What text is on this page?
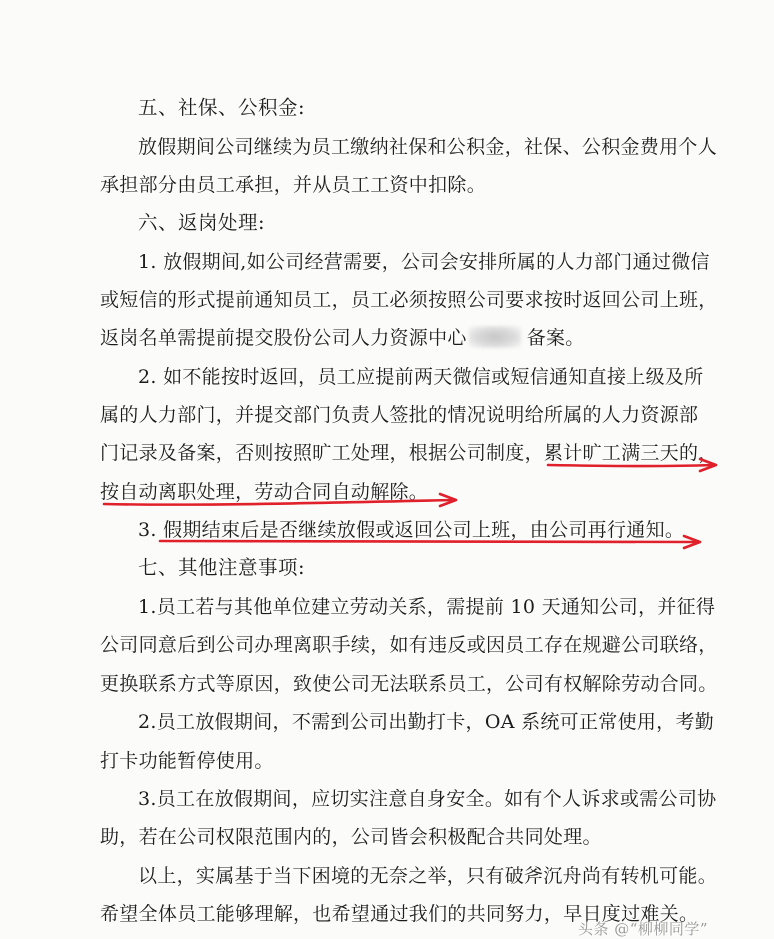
五、社保、公积金:
放假期间公司继续为员工缴纳社保和公积金，社保、公积金费用个人
承担部分由员工承担，并从员工工资中扣除。
六、返岗处理:
1. 放假期间,如公司经营需要，公司会安排所属的人力部门通过微信
或短信的形式提前通知员工，员工必须按照公司要求按时返回公司上班，
返岗名单需提前提交股份公司人力资源中心	备案。
2. 如不能按时返回，员工应提前两天微信或短信通知直接上级及所
属的人力部门，并提交部门负责人签批的情况说明给所属的人力资源部
门记录及备案，否则按照旷工处理，根据公司制度，累计旷工满三天的，
按自动离职处理，劳动合同自动解除。
3. 假期结束后是否继续放假或返回公司上班，由公司再行通知。
七、其他注意事项:
1.员工若与其他单位建立劳动关系，需提前 10 天通知公司，并征得
公司同意后到公司办理离职手续，如有违反或因员工存在规避公司联络，
更换联系方式等原因，致使公司无法联系员工，公司有权解除劳动合同。
2.员工放假期间，不需到公司出勤打卡，OA 系统可正常使用，考勤
打卡功能暂停使用。
3.员工在放假期间，应切实注意自身安全。如有个人诉求或需公司协
助，若在公司权限范围内的，公司皆会积极配合共同处理。
以上，实属基于当下困境的无奈之举，只有破斧沉舟尚有转机可能。
希望全体员工能够理解，也希望通过我们的共同努力，早日度过难关。
头条 @“柳柳同学”
